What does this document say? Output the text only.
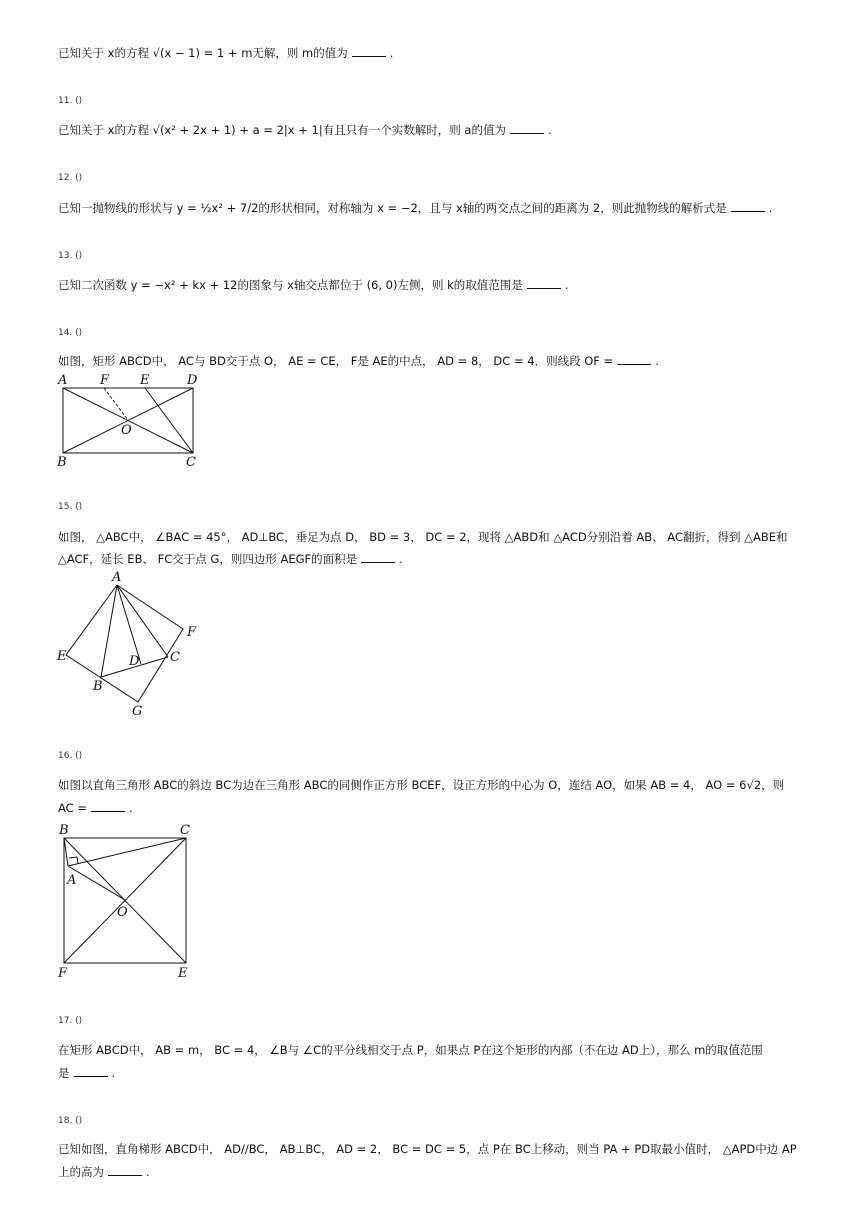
已知关于 x的方程 √(x − 1) = 1 + m无解，则 m的值为	.
11. ()
已知关于 x的方程 √(x² + 2x + 1) + a = 2|x + 1|有且只有一个实数解时，则 a的值为	.
12. ()
已知一抛物线的形状与 y = ½x² + 7/2的形状相同，对称轴为 x = −2，且与 x轴的两交点之间的距离为 2，则此抛物线的解析式是	.
13. ()
已知二次函数 y = −x² + kx + 12的图象与 x轴交点都位于 (6, 0)左侧，则 k的取值范围是	.
14. ()
如图，矩形 ABCD中， AC与 BD交于点 O， AE = CE， F是 AE的中点， AD = 8， DC = 4．则线段 OF =	.
A	F E	D
O
B	C
15. ()
如图， △ABC中， ∠BAC = 45°， AD⊥BC，垂足为点 D， BD = 3， DC = 2，现将 △ABD和 △ACD分别沿着 AB、 AC翻折，得到 △ABE和
△ACF，延长 EB、 FC交于点 G，则四边形 AEGF的面积是	.
A
F
E	D C
B
G
16. ()
如图以直角三角形 ABC的斜边 BC为边在三角形 ABC的同侧作正方形 BCEF，设正方形的中心为 O，连结 AO，如果 AB = 4， AO = 6√2，则
AC =	.
B	C
A
O
F	E
17. ()
在矩形 ABCD中， AB = m， BC = 4， ∠B与 ∠C的平分线相交于点 P，如果点 P在这个矩形的内部（不在边 AD上），那么 m的取值范围
是	.
18. ()
已知如图，直角梯形 ABCD中， AD//BC， AB⊥BC， AD = 2， BC = DC = 5，点 P在 BC上移动，则当 PA + PD取最小值时， △APD中边 AP
上的高为	.
